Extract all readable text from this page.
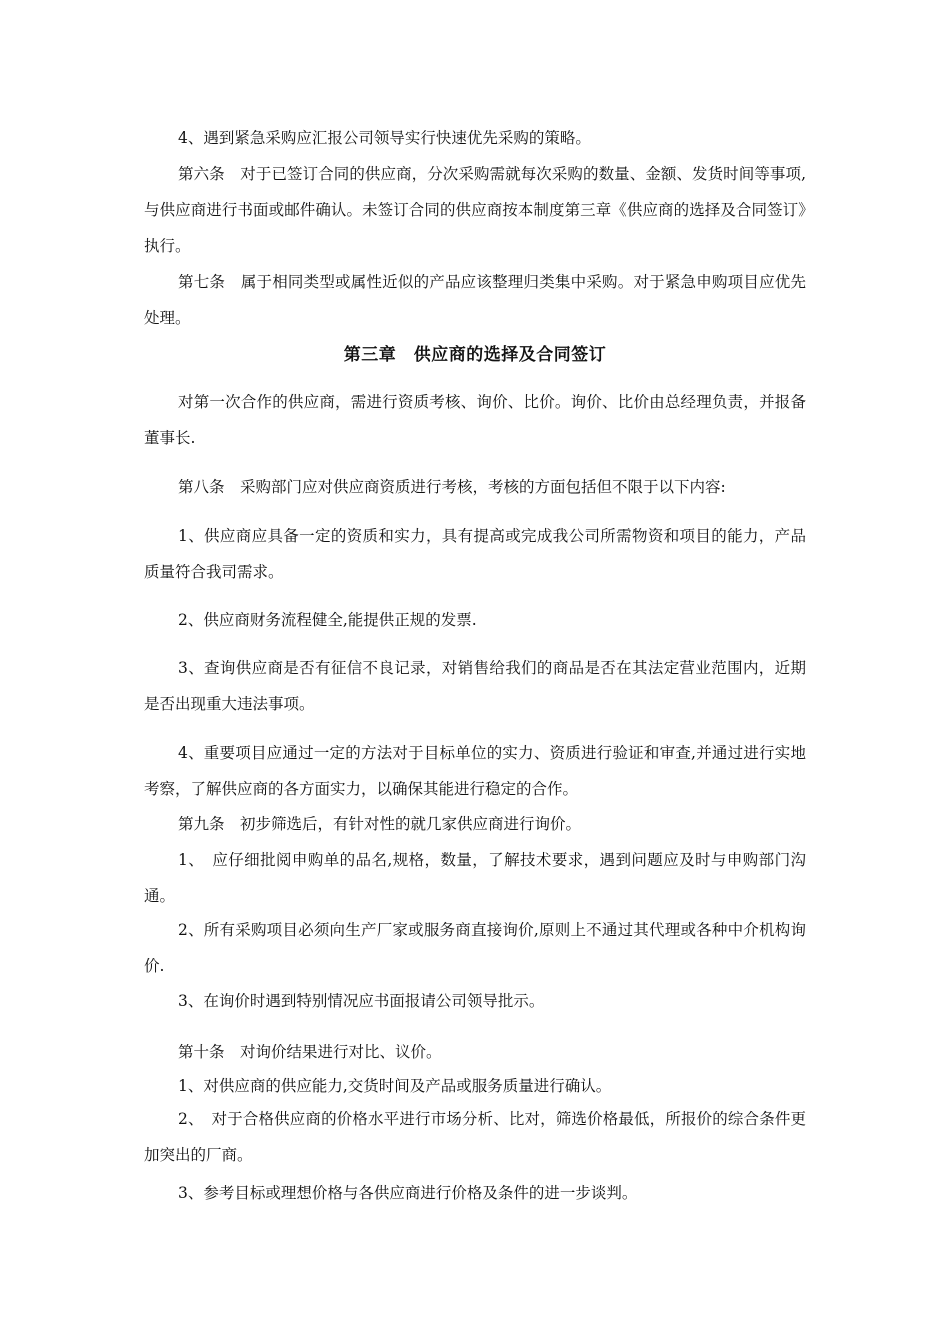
4、遇到紧急采购应汇报公司领导实行快速优先采购的策略。

第六条　对于已签订合同的供应商，分次采购需就每次采购的数量、金额、发货时间等事项,与供应商进行书面或邮件确认。未签订合同的供应商按本制度第三章《供应商的选择及合同签订》执行。

第七条　属于相同类型或属性近似的产品应该整理归类集中采购。对于紧急申购项目应优先处理。

第三章　供应商的选择及合同签订

对第一次合作的供应商，需进行资质考核、询价、比价。询价、比价由总经理负责，并报备董事长.

第八条　采购部门应对供应商资质进行考核，考核的方面包括但不限于以下内容:

1、供应商应具备一定的资质和实力，具有提高或完成我公司所需物资和项目的能力，产品质量符合我司需求。

2、供应商财务流程健全,能提供正规的发票.

3、查询供应商是否有征信不良记录，对销售给我们的商品是否在其法定营业范围内，近期是否出现重大违法事项。

4、重要项目应通过一定的方法对于目标单位的实力、资质进行验证和审查,并通过进行实地考察，了解供应商的各方面实力，以确保其能进行稳定的合作。

第九条　初步筛选后，有针对性的就几家供应商进行询价。

1、　应仔细批阅申购单的品名,规格，数量，了解技术要求，遇到问题应及时与申购部门沟通。

2、所有采购项目必须向生产厂家或服务商直接询价,原则上不通过其代理或各种中介机构询价.

3、在询价时遇到特别情况应书面报请公司领导批示。

第十条　对询价结果进行对比、议价。

1、对供应商的供应能力,交货时间及产品或服务质量进行确认。

2、　对于合格供应商的价格水平进行市场分析、比对，筛选价格最低，所报价的综合条件更加突出的厂商。

3、参考目标或理想价格与各供应商进行价格及条件的进一步谈判。
